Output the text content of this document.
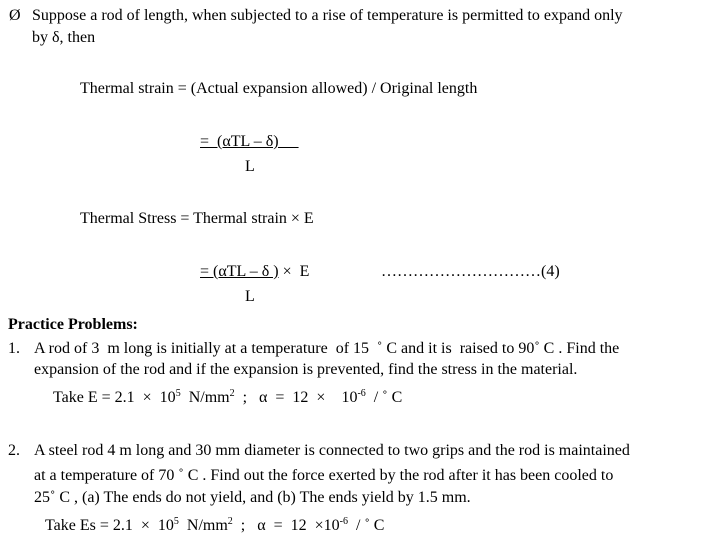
Ø Suppose a rod of length, when subjected to a rise of temperature is permitted to expand only
by δ, then
Thermal strain = (Actual expansion allowed) / Original length
=  (αTL – δ)
L
Thermal Stress = Thermal strain × E
= (αTL – δ ) ×  E	…………………………(4)
L
Practice Problems:
1. A rod of 3  m long is initially at a temperature  of 15  ˚ C and it is  raised to 90˚ C . Find the
expansion of the rod and if the expansion is prevented, find the stress in the material.
Take $E = 2.1 \times 10^5$  $N/mm^2$  ;   α  =  12  ×    $10^{-6}$  / ˚ C
2. A steel rod 4 m long and 30 mm diameter is connected to two grips and the rod is maintained
at a temperature of 70 ˚ C . Find out the force exerted by the rod after it has been cooled to
25˚ C , (a) The ends do not yield, and (b) The ends yield by 1.5 mm.
Take $Es = 2.1 \times 10^5$  $N/mm^2$  ;   $\alpha = 12 \times 10^{-6}$  / ˚ C
